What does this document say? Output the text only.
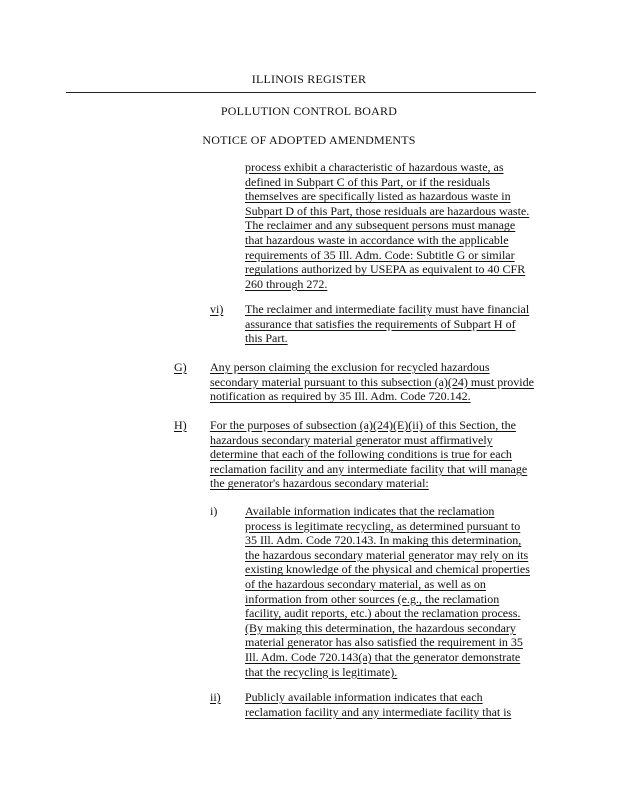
ILLINOIS REGISTER
POLLUTION CONTROL BOARD
NOTICE OF ADOPTED AMENDMENTS
process exhibit a characteristic of hazardous waste, as
defined in Subpart C of this Part, or if the residuals
themselves are specifically listed as hazardous waste in
Subpart D of this Part, those residuals are hazardous waste.
The reclaimer and any subsequent persons must manage
that hazardous waste in accordance with the applicable
requirements of 35 Ill. Adm. Code: Subtitle G or similar
regulations authorized by USEPA as equivalent to 40 CFR
260 through 272.
vi) The reclaimer and intermediate facility must have financial
assurance that satisfies the requirements of Subpart H of
this Part.
G) Any person claiming the exclusion for recycled hazardous
secondary material pursuant to this subsection (a)(24) must provide
notification as required by 35 Ill. Adm. Code 720.142.
H) For the purposes of subsection (a)(24)(E)(ii) of this Section, the
hazardous secondary material generator must affirmatively
determine that each of the following conditions is true for each
reclamation facility and any intermediate facility that will manage
the generator's hazardous secondary material:
i) Available information indicates that the reclamation
process is legitimate recycling, as determined pursuant to
35 Ill. Adm. Code 720.143. In making this determination,
the hazardous secondary material generator may rely on its
existing knowledge of the physical and chemical properties
of the hazardous secondary material, as well as on
information from other sources (e.g., the reclamation
facility, audit reports, etc.) about the reclamation process.
(By making this determination, the hazardous secondary
material generator has also satisfied the requirement in 35
Ill. Adm. Code 720.143(a) that the generator demonstrate
that the recycling is legitimate).
ii) Publicly available information indicates that each
reclamation facility and any intermediate facility that is
